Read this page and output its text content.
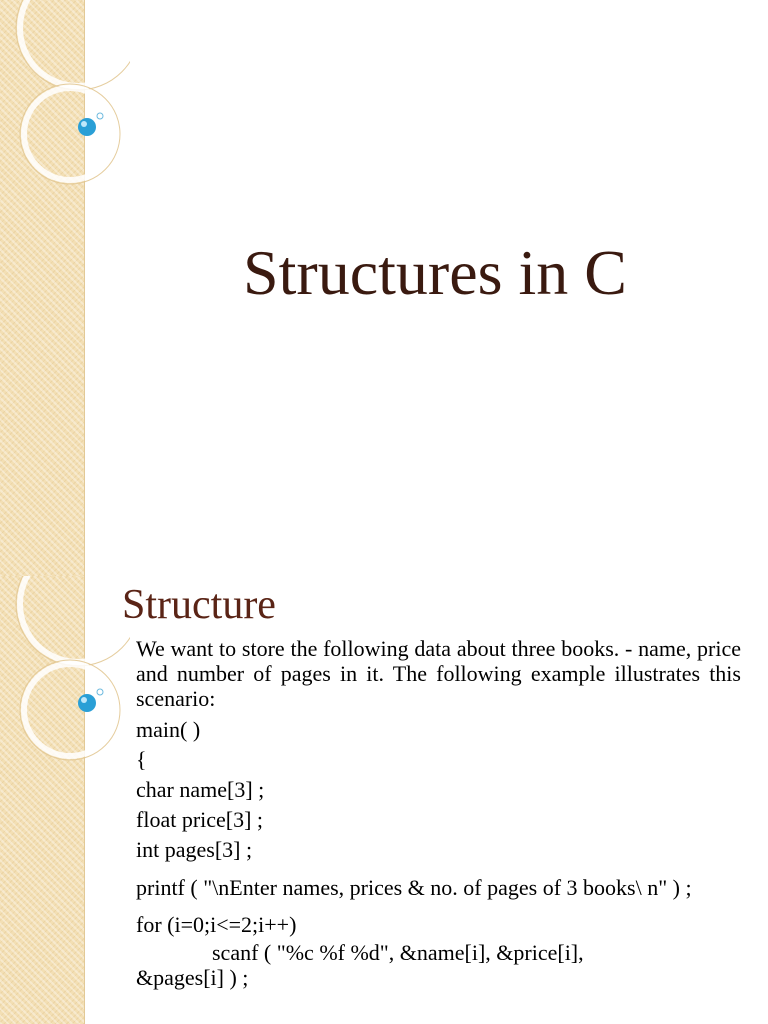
Structures in C
Structure

We want to store the following data about three books. - name, price and number of pages in it. The following example illustrates this scenario:

main( )

{

char name[3] ;

float price[3] ;

int pages[3] ;

printf ( "\nEnter names, prices & no. of pages of 3 books\ n" ) ;

for (i=0;i<=2;i++)

scanf ( "%c %f %d", &name[i], &price[i],

&pages[i] ) ;
